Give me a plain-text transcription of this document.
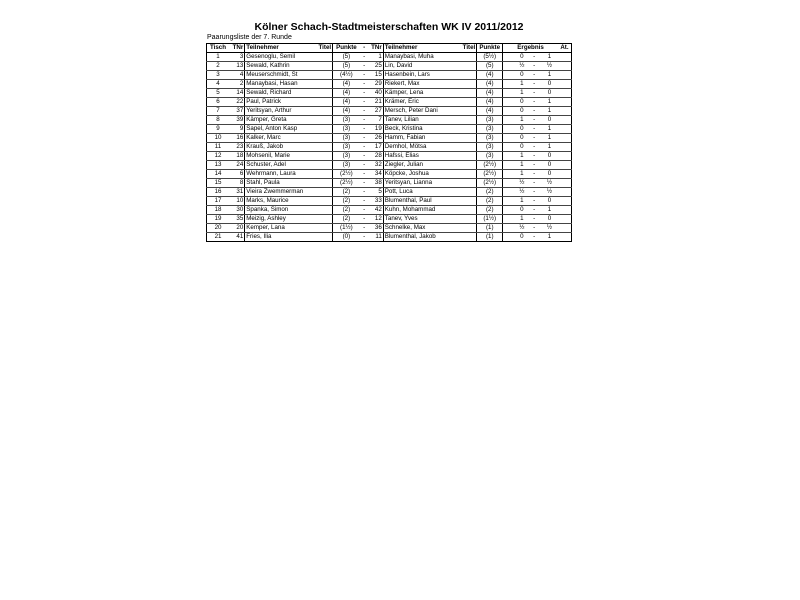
Kölner Schach-Stadtmeisterschaften WK IV 2011/2012
Paarungsliste der 7. Runde
Tisch	TNr	Teilnehmer	Titel	Punkte	-	TNr	Teilnehmer	Titel	Punkte	Ergebnis				At.
1	3	Gesenoglu, Semil		(5)	-	1	Manaybasi, Muha		(5½)		0	-	1	
2	13	Sewald, Kathrin		(5)	-	25	Lin, David		(5)		½	-	½	
3	4	Meuserschmidt, St		(4½)	-	15	Hasenbein, Lars		(4)		0	-	1	
4	2	Manaybasi, Hasan		(4)	-	29	Riekert, Max		(4)		1	-	0	
5	14	Sewald, Richard		(4)	-	40	Kämper, Lena		(4)		1	-	0	
6	22	Paul, Patrick		(4)	-	21	Krämer, Eric		(4)		0	-	1	
7	37	Yeritsyan, Arthur		(4)	-	27	Mersch, Peter Dani		(4)		0	-	1	
8	39	Kämper, Greta		(3)	-	7	Tanev, Lilian		(3)		1	-	0	
9	9	Sapel, Anton Kasp		(3)	-	19	Beck, Kristina		(3)		0	-	1	
10	16	Kalker, Marc		(3)	-	26	Hamm, Fabian		(3)		0	-	1	
11	23	Krauß, Jakob		(3)	-	17	Demhol, Mötsa		(3)		0	-	1	
12	18	Mohsenil, Marie		(3)	-	28	Hafssi, Elias		(3)		1	-	0	
13	24	Schuster, Adel		(3)	-	32	Ziegler, Julian		(2½)		1	-	0	
14	6	Wehrmann, Laura		(2½)	-	34	Köpcke, Joshua		(2½)		1	-	0	
15	8	Stahl, Paula		(2½)	-	38	Yeritsyan, Lianna		(2½)		½	-	½	
16	31	Vieira Zwemmerman		(2)	-	5	Pott, Luca		(2)		½	-	½	
17	10	Marks, Maurice		(2)	-	33	Blumenthal, Paul		(2)		1	-	0	
18	30	Spanka, Simon		(2)	-	42	Kuhn, Mohammad		(2)		0	-	1	
19	35	Meizig, Ashley		(2)	-	12	Tanev, Yves		(1½)		1	-	0	
20	20	Kemper, Lana		(1½)	-	36	Schnelke, Max		(1)		½	-	½	
21	41	Fries, Ilia		(0)	-	11	Blumenthal, Jakob		(1)		0	-	1	
